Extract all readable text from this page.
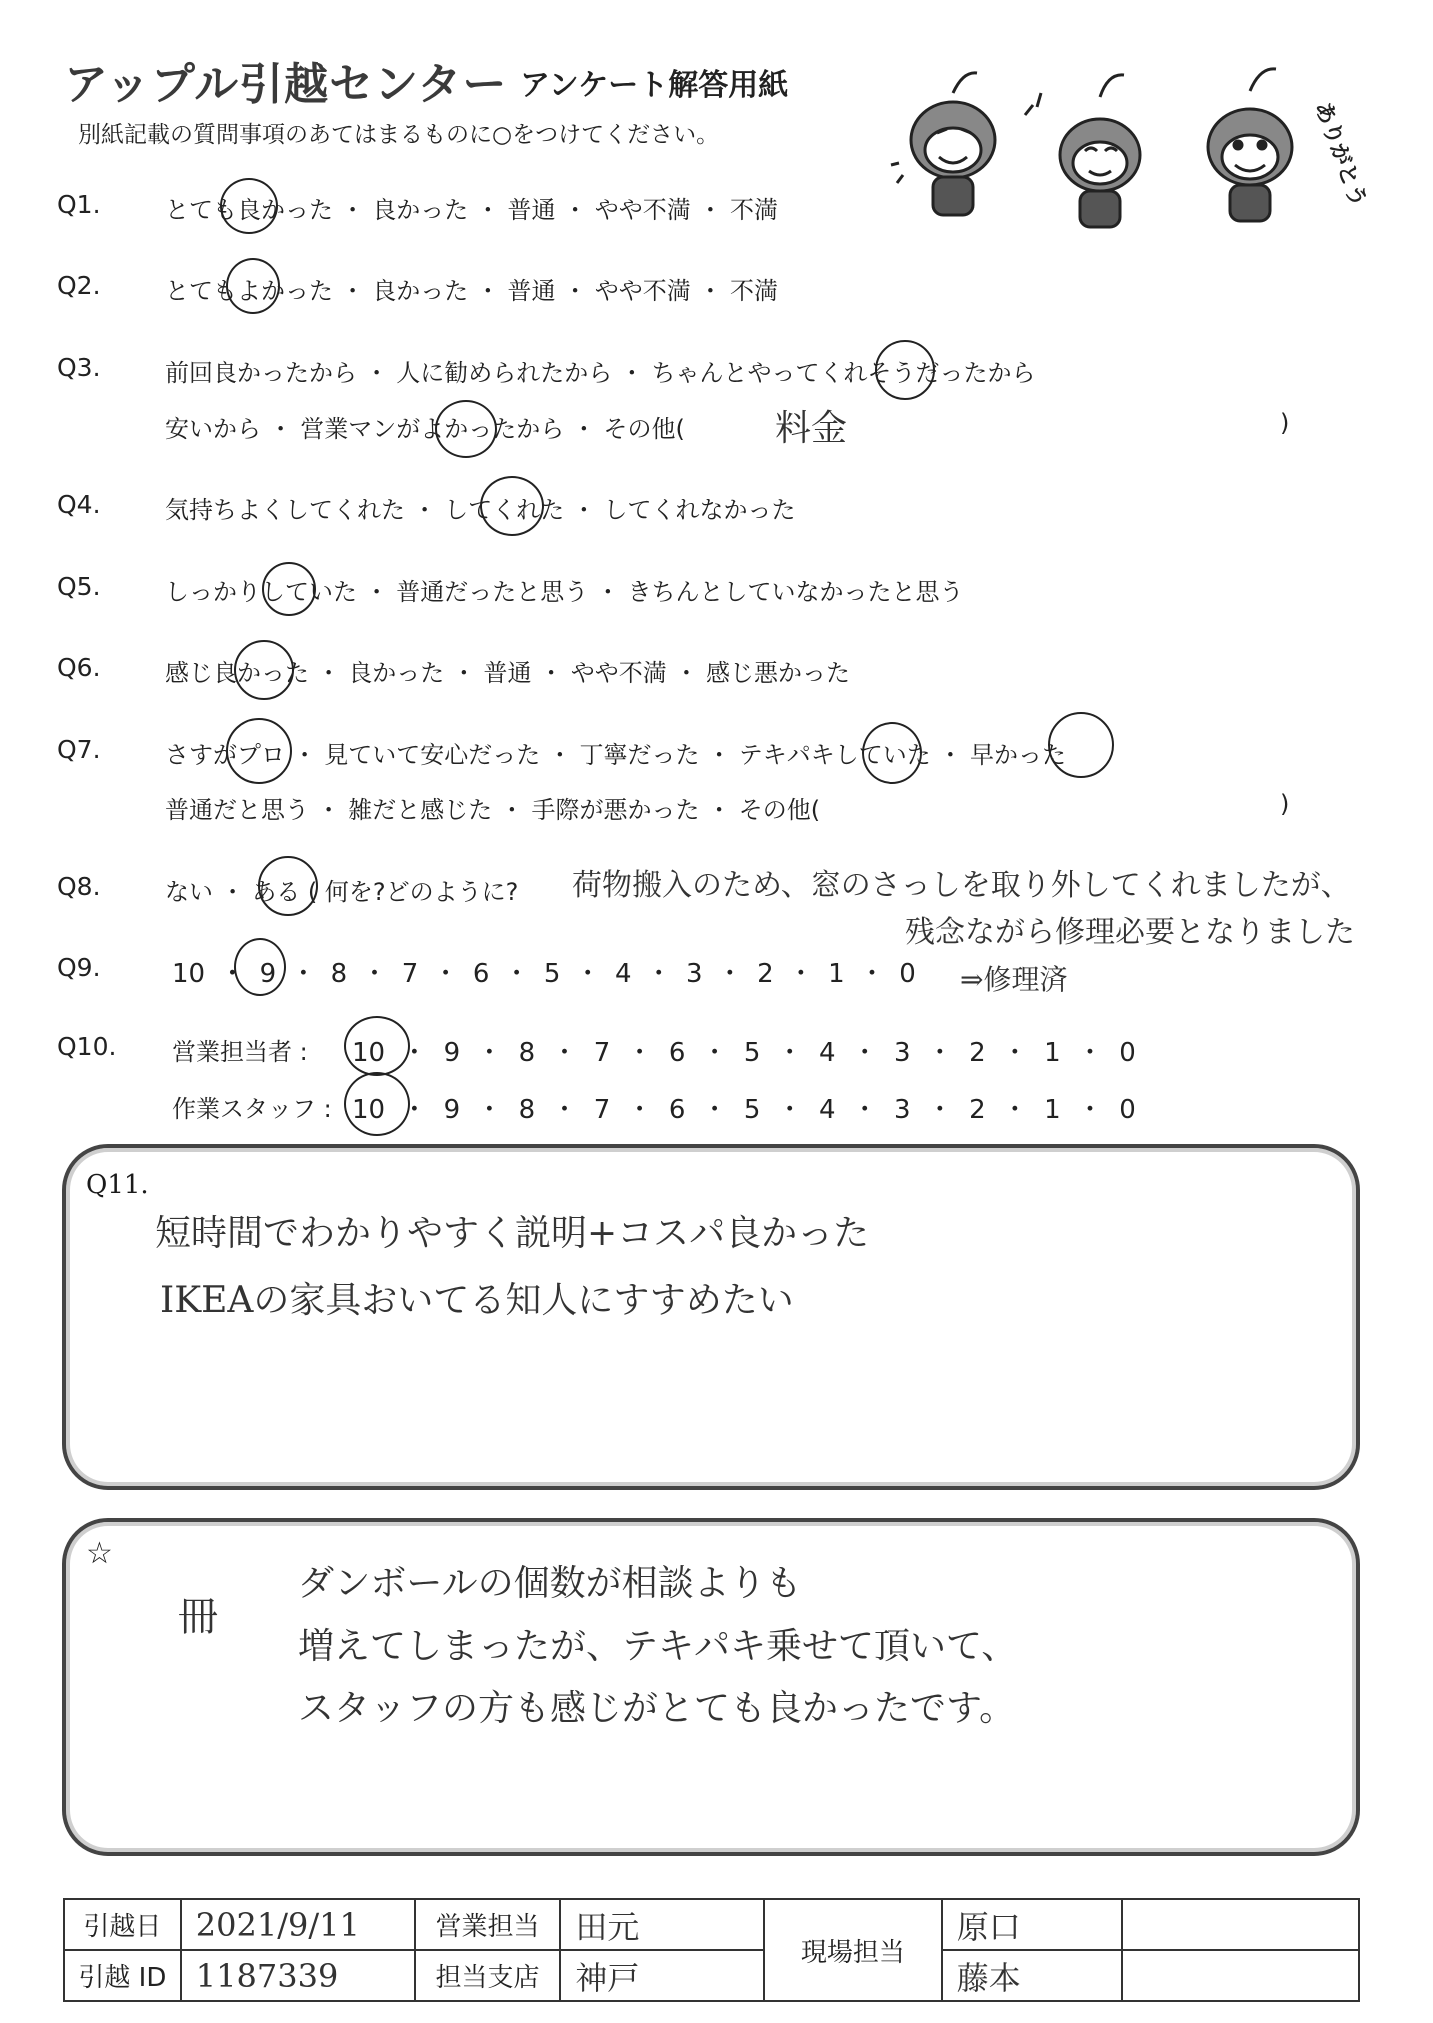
アップル引越センター アンケート解答用紙
別紙記載の質問事項のあてはまるものに○をつけてください。	ありがとう
Q1.	とても良かった ・ 良かった ・ 普通 ・ やや不満 ・ 不満
Q2.	とてもよかった ・ 良かった ・ 普通 ・ やや不満 ・ 不満
Q3.	前回良かったから ・ 人に勧められたから ・ ちゃんとやってくれそうだったから
安いから ・ 営業マンがよかったから ・ その他(	料金	)
Q4.	気持ちよくしてくれた ・ してくれた ・ してくれなかった
Q5.	しっかりしていた ・ 普通だったと思う ・ きちんとしていなかったと思う
Q6.	感じ良かった ・ 良かった ・ 普通 ・ やや不満 ・ 感じ悪かった
Q7.	さすがプロ ・ 見ていて安心だった ・ 丁寧だった ・ テキパキしていた ・ 早かった
普通だと思う ・ 雑だと感じた ・ 手際が悪かった ・ その他(	)
Q8.	ない ・ ある ( 何を?どのように? 荷物搬入のため、窓のさっしを取り外してくれましたが、
残念ながら修理必要となりました
⇒修理済
Q9.	10 ・ 9 ・ 8 ・ 7 ・ 6 ・ 5 ・ 4 ・ 3 ・ 2 ・ 1 ・ 0
Q10. 営業担当者 : 10 ・ 9 ・ 8 ・ 7 ・ 6 ・ 5 ・ 4 ・ 3 ・ 2 ・ 1 ・ 0
作業スタッフ : 10 ・ 9 ・ 8 ・ 7 ・ 6 ・ 5 ・ 4 ・ 3 ・ 2 ・ 1 ・ 0
Q11.
短時間でわかりやすく説明+コスパ良かった
IKEAの家具おいてる知人にすすめたい
☆
冊
ダンボールの個数が相談よりも
増えてしまったが、テキパキ乗せて頂いて、
スタッフの方も感じがとても良かったです。
引越日	2021/9/11	営業担当	田元	現場担当	原口	
引越 ID	1187339	担当支店	神戸		藤本	
